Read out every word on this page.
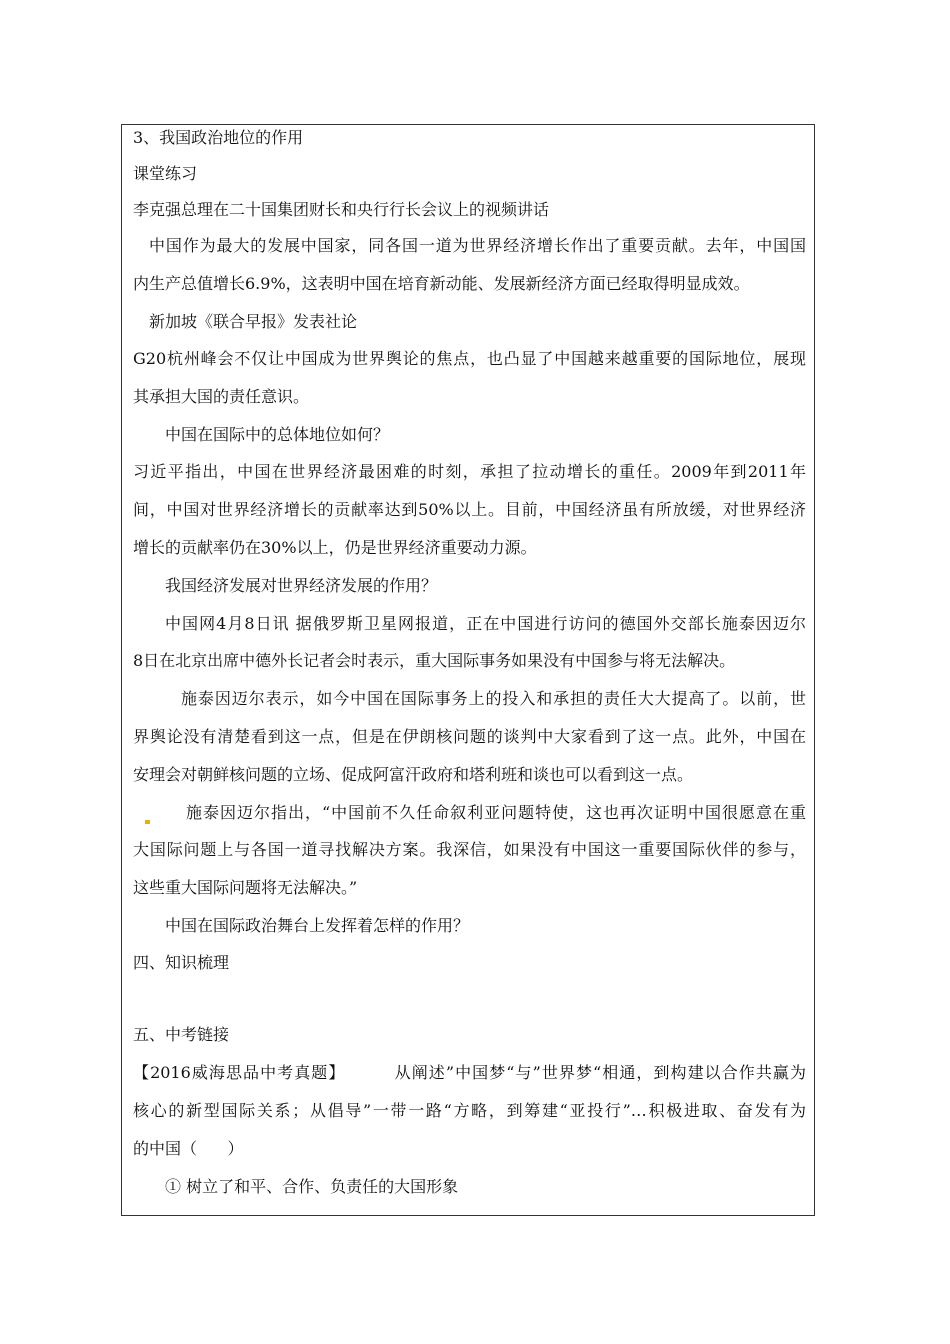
3、我国政治地位的作用
课堂练习
李克强总理在二十国集团财长和央行行长会议上的视频讲话
中国作为最大的发展中国家，同各国一道为世界经济增长作出了重要贡献。去年，中国国
内生产总值增长6.9%，这表明中国在培育新动能、发展新经济方面已经取得明显成效。
新加坡《联合早报》发表社论
G20杭州峰会不仅让中国成为世界舆论的焦点，也凸显了中国越来越重要的国际地位，展现
其承担大国的责任意识。
中国在国际中的总体地位如何？
习近平指出，中国在世界经济最困难的时刻，承担了拉动增长的重任。2009年到2011年
间，中国对世界经济增长的贡献率达到50%以上。目前，中国经济虽有所放缓，对世界经济
增长的贡献率仍在30%以上，仍是世界经济重要动力源。
我国经济发展对世界经济发展的作用？
中国网4月8日讯 据俄罗斯卫星网报道，正在中国进行访问的德国外交部长施泰因迈尔
8日在北京出席中德外长记者会时表示，重大国际事务如果没有中国参与将无法解决。
施泰因迈尔表示，如今中国在国际事务上的投入和承担的责任大大提高了。以前，世
界舆论没有清楚看到这一点，但是在伊朗核问题的谈判中大家看到了这一点。此外，中国在
安理会对朝鲜核问题的立场、促成阿富汗政府和塔利班和谈也可以看到这一点。
施泰因迈尔指出，“中国前不久任命叙利亚问题特使，这也再次证明中国很愿意在重
大国际问题上与各国一道寻找解决方案。我深信，如果没有中国这一重要国际伙伴的参与，
这些重大国际问题将无法解决。”
中国在国际政治舞台上发挥着怎样的作用？
四、知识梳理
五、中考链接
【2016威海思品中考真题】        从阐述”中国梦“与”世界梦“相通，到构建以合作共赢为
核心的新型国际关系；从倡导”一带一路“方略，到筹建“亚投行”…积极进取、奋发有为
的中国（      ）
① 树立了和平、合作、负责任的大国形象
